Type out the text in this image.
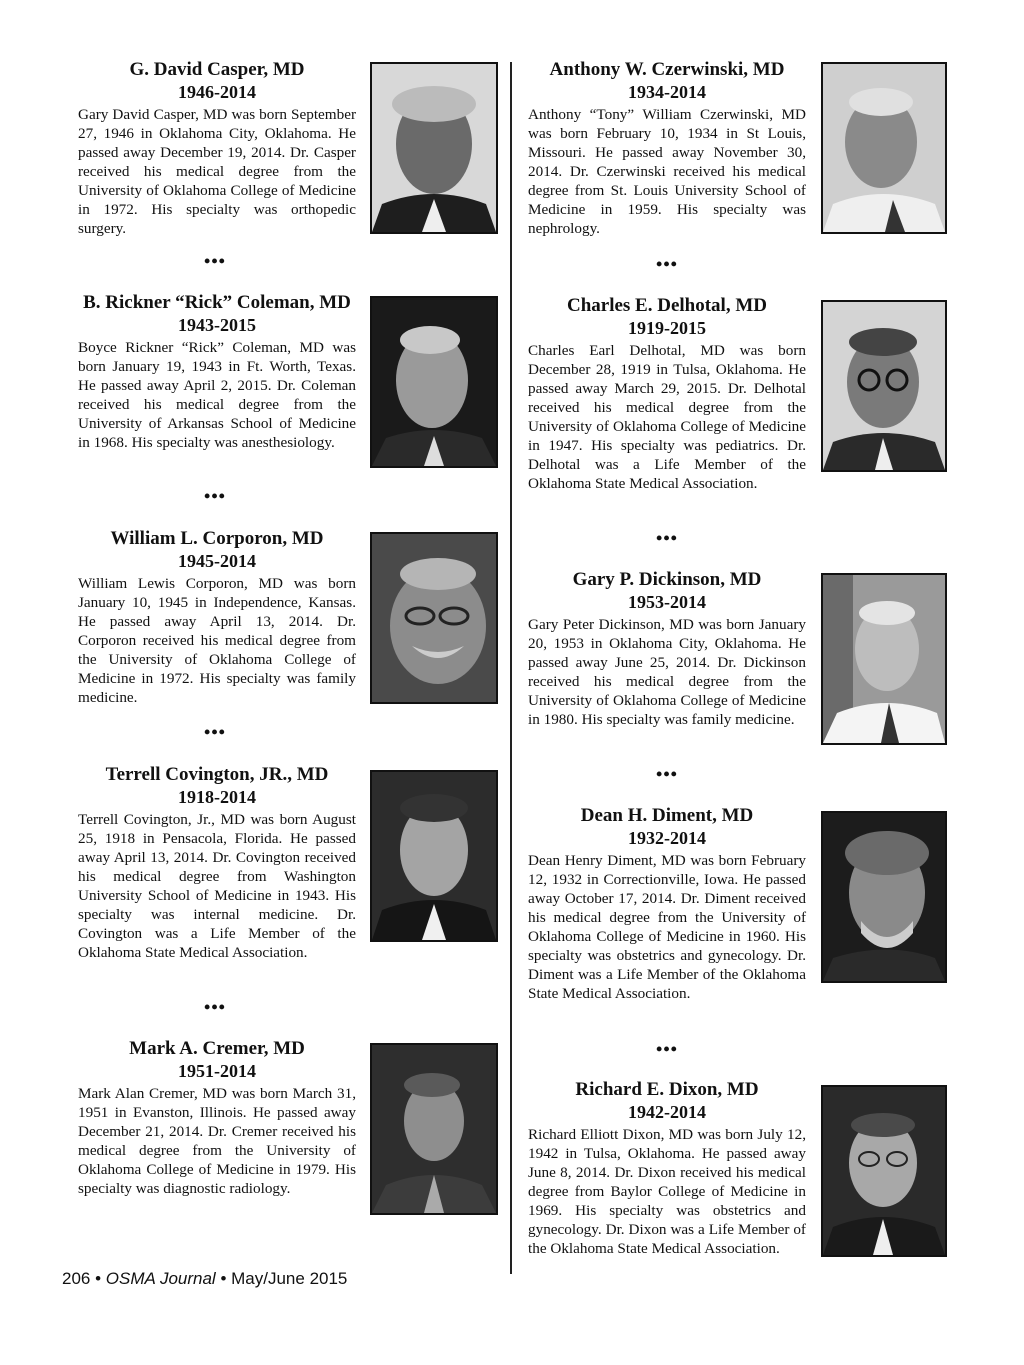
G. David Casper, MD
1946-2014
Gary David Casper, MD was born September 27, 1946 in Oklahoma City, Oklahoma. He passed away December 19, 2014. Dr. Casper received his medical degree from the University of Oklahoma College of Medicine in 1972. His specialty was orthopedic surgery.
•••
B. Rickner “Rick” Coleman, MD
1943-2015
Boyce Rickner “Rick” Coleman, MD was born January 19, 1943 in Ft. Worth, Texas. He passed away April 2, 2015. Dr. Coleman received his medical degree from the University of Arkansas School of Medicine in 1968. His specialty was anesthesiology.
•••
William L. Corporon, MD
1945-2014
William Lewis Corporon, MD was born January 10, 1945 in Independence, Kansas. He passed away April 13, 2014. Dr. Corporon received his medical degree from the University of Oklahoma College of Medicine in 1972. His specialty was family medicine.
•••
Terrell Covington, JR., MD
1918-2014
Terrell Covington, Jr., MD was born August 25, 1918 in Pensacola, Florida. He passed away April 13, 2014. Dr. Covington received his medical degree from Washington University School of Medicine in 1943. His specialty was internal medicine. Dr. Covington was a Life Member of the Oklahoma State Medical Association.
•••
Mark A. Cremer, MD
1951-2014
Mark Alan Cremer, MD was born March 31, 1951 in Evanston, Illinois. He passed away December 21, 2014. Dr. Cremer received his medical degree from the University of Oklahoma College of Medicine in 1979. His specialty was diagnostic radiology.
Anthony W. Czerwinski, MD
1934-2014
Anthony “Tony” William Czerwinski, MD was born February 10, 1934 in St Louis, Missouri. He passed away November 30, 2014. Dr. Czerwinski received his medical degree from St. Louis University School of Medicine in 1959. His specialty was nephrology.
•••
Charles E. Delhotal, MD
1919-2015
Charles Earl Delhotal, MD was born December 28, 1919 in Tulsa, Oklahoma. He passed away March 29, 2015. Dr. Delhotal received his medical degree from the University of Oklahoma College of Medicine in 1947. His specialty was pediatrics. Dr. Delhotal was a Life Member of the Oklahoma State Medical Association.
•••
Gary P. Dickinson, MD
1953-2014
Gary Peter Dickinson, MD was born January 20, 1953 in Oklahoma City, Oklahoma. He passed away June 25, 2014. Dr. Dickinson received his medical degree from the University of Oklahoma College of Medicine in 1980. His specialty was family medicine.
•••
Dean H. Diment, MD
1932-2014
Dean Henry Diment, MD was born February 12, 1932 in Correctionville, Iowa. He passed away October 17, 2014. Dr. Diment received his medical degree from the University of Oklahoma College of Medicine in 1960. His specialty was obstetrics and gynecology. Dr. Diment was a Life Member of the Oklahoma State Medical Association.
•••
Richard E. Dixon, MD
1942-2014
Richard Elliott Dixon, MD was born July 12, 1942 in Tulsa, Oklahoma. He passed away June 8, 2014. Dr. Dixon received his medical degree from Baylor College of Medicine in 1969. His specialty was obstetrics and gynecology. Dr. Dixon was a Life Member of the Oklahoma State Medical Association.
206 • OSMA Journal • May/June 2015
